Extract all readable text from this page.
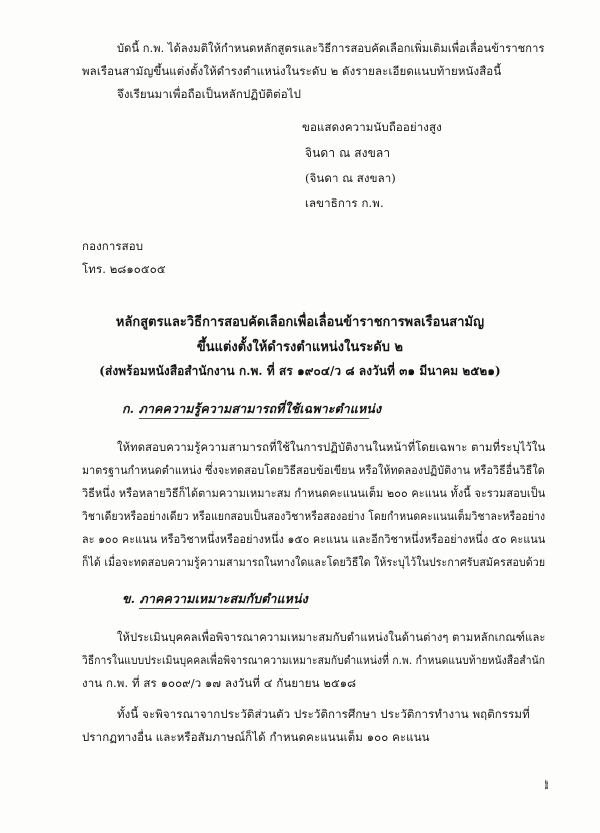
บัดนี้ ก.พ. ได้ลงมติให้กำหนดหลักสูตรและวิธีการสอบคัดเลือกเพิ่มเติมเพื่อเลื่อนข้าราชการ
พลเรือนสามัญขึ้นแต่งตั้งให้ดำรงตำแหน่งในระดับ ๒ ดังรายละเอียดแนบท้ายหนังสือนี้
จึงเรียนมาเพื่อถือเป็นหลักปฏิบัติต่อไป
ขอแสดงความนับถืออย่างสูง
จินดา ณ สงขลา
(จินดา ณ สงขลา)
เลขาธิการ ก.พ.
กองการสอบ
โทร. ๒๘๑๐๕๐๕
หลักสูตรและวิธีการสอบคัดเลือกเพื่อเลื่อนข้าราชการพลเรือนสามัญ
ขึ้นแต่งตั้งให้ดำรงตำแหน่งในระดับ ๒
(ส่งพร้อมหนังสือสำนักงาน ก.พ. ที่ สร ๑๙๐๔/ว ๘ ลงวันที่ ๓๑ มีนาคม ๒๕๒๑)
ก. ภาคความรู้ความสามารถที่ใช้เฉพาะตำแหน่ง
ให้ทดสอบความรู้ความสามารถที่ใช้ในการปฏิบัติงานในหน้าที่โดยเฉพาะ ตามที่ระบุไว้ใน
มาตรฐานกำหนดตำแหน่ง ซึ่งจะทดสอบโดยวิธีสอบข้อเขียน หรือให้ทดลองปฏิบัติงาน หรือวิธีอื่นวิธีใด
วิธีหนึ่ง หรือหลายวิธีก็ได้ตามความเหมาะสม กำหนดคะแนนเต็ม ๒๐๐ คะแนน ทั้งนี้ จะรวมสอบเป็น
วิชาเดียวหรืออย่างเดียว หรือแยกสอบเป็นสองวิชาหรือสองอย่าง โดยกำหนดคะแนนเต็มวิชาละหรืออย่าง
ละ ๑๐๐ คะแนน หรือวิชาหนึ่งหรืออย่างหนึ่ง ๑๕๐ คะแนน และอีกวิชาหนึ่งหรืออย่างหนึ่ง ๕๐ คะแนน
ก็ได้ เมื่อจะทดสอบความรู้ความสามารถในทางใดและโดยวิธีใด ให้ระบุไว้ในประกาศรับสมัครสอบด้วย
ข. ภาคความเหมาะสมกับตำแหน่ง
ให้ประเมินบุคคลเพื่อพิจารณาความเหมาะสมกับตำแหน่งในด้านต่างๆ ตามหลักเกณฑ์และ
วิธีการในแบบประเมินบุคคลเพื่อพิจารณาความเหมาะสมกับตำแหน่งที่ ก.พ. กำหนดแนบท้ายหนังสือสำนัก
งาน ก.พ. ที่ สร ๑๐๐๙/ว ๑๗ ลงวันที่ ๔ กันยายน ๒๕๑๘
ทั้งนี้ จะพิจารณาจากประวัติส่วนตัว ประวัติการศึกษา ประวัติการทำงาน พฤติกรรมที่
ปรากฏทางอื่น และหรือสัมภาษณ์ก็ได้ กำหนดคะแนนเต็ม ๑๐๐ คะแนน
๕๕
